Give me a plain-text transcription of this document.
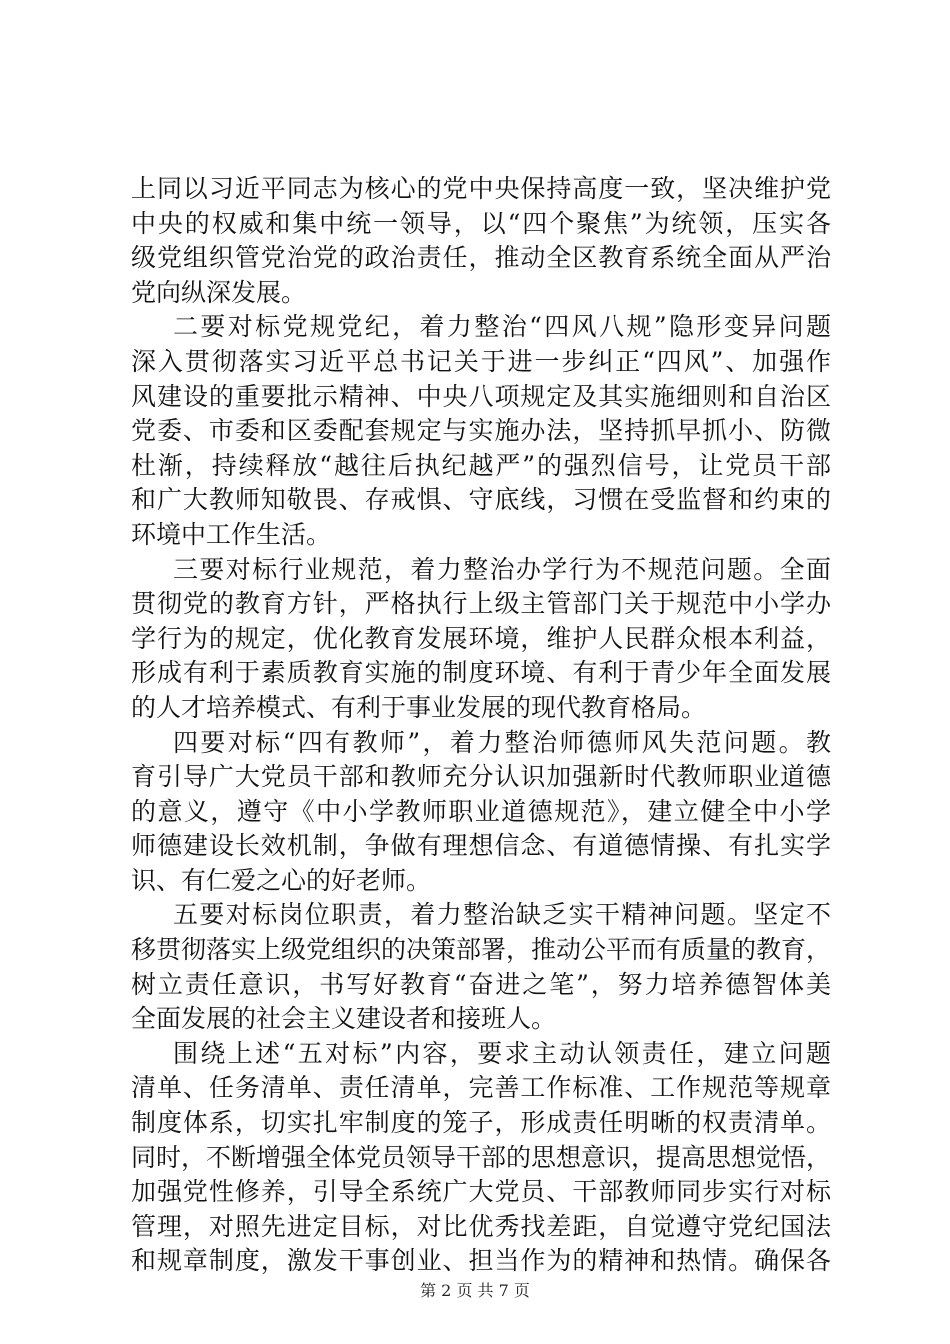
上同以习近平同志为核心的党中央保持高度一致，坚决维护党
中央的权威和集中统一领导，以“四个聚焦”为统领，压实各
级党组织管党治党的政治责任，推动全区教育系统全面从严治
党向纵深发展。
二要对标党规党纪，着力整治“四风八规”隐形变异问题
深入贯彻落实习近平总书记关于进一步纠正“四风”、加强作
风建设的重要批示精神、中央八项规定及其实施细则和自治区
党委、市委和区委配套规定与实施办法，坚持抓早抓小、防微
杜渐，持续释放“越往后执纪越严”的强烈信号，让党员干部
和广大教师知敬畏、存戒惧、守底线，习惯在受监督和约束的
环境中工作生活。
三要对标行业规范，着力整治办学行为不规范问题。全面
贯彻党的教育方针，严格执行上级主管部门关于规范中小学办
学行为的规定，优化教育发展环境，维护人民群众根本利益，
形成有利于素质教育实施的制度环境、有利于青少年全面发展
的人才培养模式、有利于事业发展的现代教育格局。
四要对标“四有教师”，着力整治师德师风失范问题。教
育引导广大党员干部和教师充分认识加强新时代教师职业道德
的意义，遵守《中小学教师职业道德规范》，建立健全中小学
师德建设长效机制，争做有理想信念、有道德情操、有扎实学
识、有仁爱之心的好老师。
五要对标岗位职责，着力整治缺乏实干精神问题。坚定不
移贯彻落实上级党组织的决策部署，推动公平而有质量的教育，
树立责任意识，书写好教育“奋进之笔”，努力培养德智体美
全面发展的社会主义建设者和接班人。
围绕上述“五对标”内容，要求主动认领责任，建立问题
清单、任务清单、责任清单，完善工作标准、工作规范等规章
制度体系，切实扎牢制度的笼子，形成责任明晰的权责清单。
同时，不断增强全体党员领导干部的思想意识，提高思想觉悟，
加强党性修养，引导全系统广大党员、干部教师同步实行对标
管理，对照先进定目标，对比优秀找差距，自觉遵守党纪国法
和规章制度，激发干事创业、担当作为的精神和热情。确保各
第 2 页 共 7 页
